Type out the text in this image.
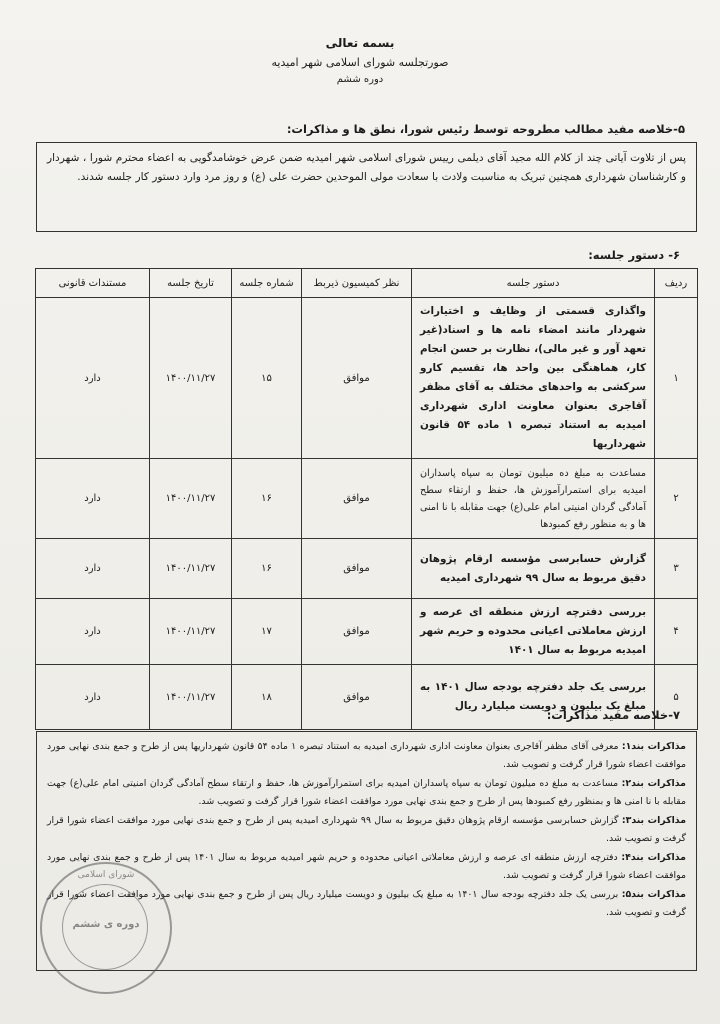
بسمه تعالی
صورتجلسه شورای اسلامی شهر امیدیه
دوره ششم
۵-خلاصه مفید مطالب مطروحه توسط رئیس شورا، نطق ها و مذاکرات:
پس از تلاوت آیاتی چند از کلام الله مجید آقای دیلمی رییس شورای اسلامی شهر امیدیه ضمن عرض خوشامدگویی به اعضاء محترم شورا ، شهردار و کارشناسان شهرداری همچنین تبریک به مناسبت ولادت با سعادت مولی الموحدین حضرت علی (ع) و روز مرد وارد دستور کار جلسه شدند.
۶- دستور جلسه:
ردیف	دستور جلسه	نظر کمیسیون ذیربط	شماره جلسه	تاریخ جلسه	مستندات قانونی
۱	واگذاری قسمتی از وظایف و اختیارات شهردار مانند امضاء نامه ها و اسناد(غیر تعهد آور و غیر مالی)، نظارت بر حسن انجام کار، هماهنگی بین واحد ها، تقسیم کارو سرکشی به واحدهای مختلف به آقای مظفر آقاجری بعنوان معاونت اداری شهرداری امیدیه به استناد تبصره ۱ ماده ۵۴ قانون شهرداریها	موافق	۱۵	۱۴۰۰/۱۱/۲۷	دارد
۲	مساعدت به مبلغ ده میلیون تومان به سپاه پاسداران امیدیه برای استمرارآموزش ها، حفظ و ارتقاء سطح آمادگی گردان امنیتی امام علی(ع) جهت مقابله با نا امنی ها و به منظور رفع کمبودها	موافق	۱۶	۱۴۰۰/۱۱/۲۷	دارد
۳	گزارش حسابرسی مؤسسه ارقام پژوهان دقیق مربوط به سال ۹۹ شهرداری امیدیه	موافق	۱۶	۱۴۰۰/۱۱/۲۷	دارد
۴	بررسی دفترچه ارزش منطقه ای عرصه و ارزش معاملاتی اعیانی محدوده و حریم شهر امیدیه مربوط به سال ۱۴۰۱	موافق	۱۷	۱۴۰۰/۱۱/۲۷	دارد
۵	بررسی یک جلد دفترچه بودجه سال ۱۴۰۱ به مبلغ یک بیلیون و دویست میلیارد ریال	موافق	۱۸	۱۴۰۰/۱۱/۲۷	دارد
۷-خلاصه مفید مذاکرات:
مذاکرات بند۱: معرفی آقای مظفر آقاجری بعنوان معاونت اداری شهرداری امیدیه به استناد تبصره ۱ ماده ۵۴ قانون شهرداریها پس از طرح و جمع بندی نهایی مورد موافقت اعضاء شورا قرار گرفت و تصویب شد.
مذاکرات بند۲: مساعدت به مبلغ ده میلیون تومان به سپاه پاسداران امیدیه برای استمرارآموزش ها، حفظ و ارتقاء سطح آمادگی گردان امنیتی امام علی(ع) جهت مقابله با نا امنی ها و بمنظور رفع کمبودها پس از طرح و جمع بندی نهایی مورد موافقت اعضاء شورا قرار گرفت و تصویب شد.
مذاکرات بند۳: گزارش حسابرسی مؤسسه ارقام پژوهان دقیق مربوط به سال ۹۹ شهرداری امیدیه پس از طرح و جمع بندی نهایی مورد موافقت اعضاء شورا قرار گرفت و تصویب شد.
مذاکرات بند۴: دفترچه ارزش منطقه ای عرصه و ارزش معاملاتی اعیانی محدوده و حریم شهر امیدیه مربوط به سال ۱۴۰۱ پس از طرح و جمع بندی نهایی مورد موافقت اعضاء شورا قرار گرفت و تصویب شد.
مذاکرات بند۵: بررسی یک جلد دفترچه بودجه سال ۱۴۰۱ به مبلغ یک بیلیون و دویست میلیارد ریال پس از طرح و جمع بندی نهایی مورد موافقت اعضاء شورا قرار گرفت و تصویب شد.
شورای اسلامی
دوره ی ششم
